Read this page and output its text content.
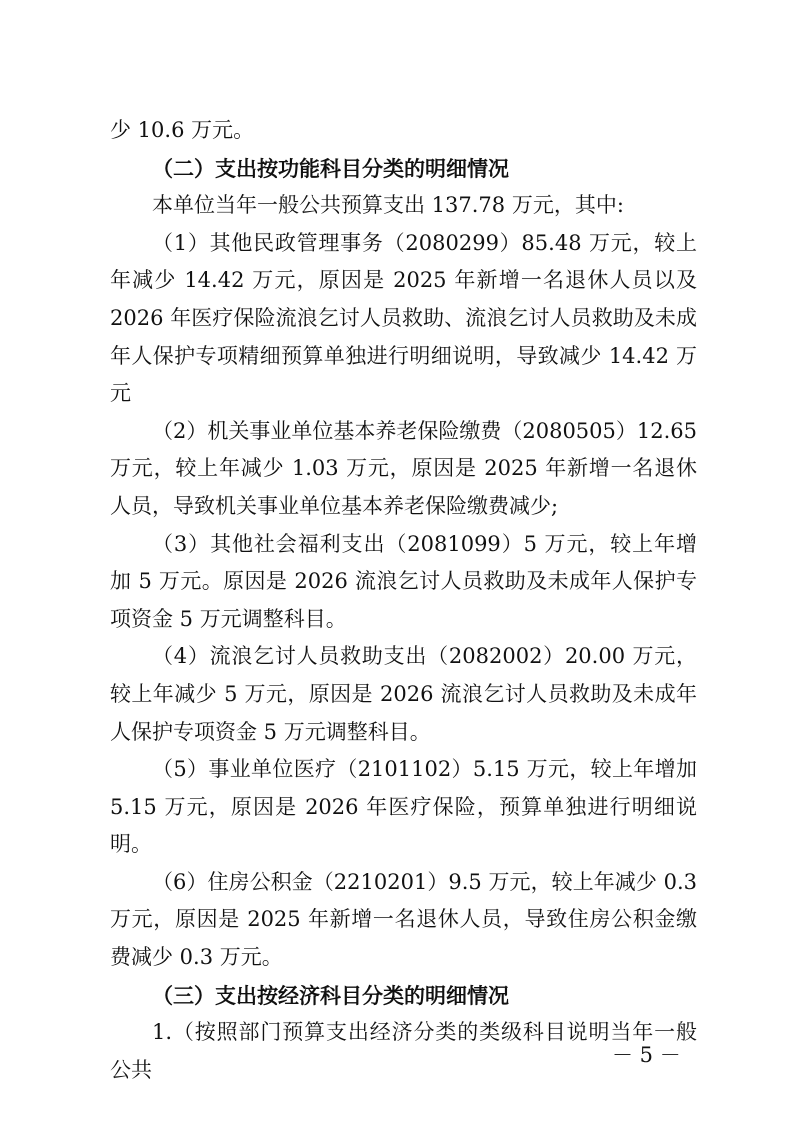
少 10.6 万元。

（二）支出按功能科目分类的明细情况

本单位当年一般公共预算支出 137.78 万元，其中:

（1）其他民政管理事务（2080299）85.48 万元，较上年减少 14.42 万元，原因是 2025 年新增一名退休人员以及 2026 年医疗保险流浪乞讨人员救助、流浪乞讨人员救助及未成年人保护专项精细预算单独进行明细说明，导致减少 14.42 万元

（2）机关事业单位基本养老保险缴费（2080505）12.65 万元，较上年减少 1.03 万元，原因是 2025 年新增一名退休人员，导致机关事业单位基本养老保险缴费减少;

（3）其他社会福利支出（2081099）5 万元，较上年增加 5 万元。原因是 2026 流浪乞讨人员救助及未成年人保护专项资金 5 万元调整科目。

（4）流浪乞讨人员救助支出（2082002）20.00 万元，较上年减少 5 万元，原因是 2026 流浪乞讨人员救助及未成年人保护专项资金 5 万元调整科目。

（5）事业单位医疗（2101102）5.15 万元，较上年增加 5.15 万元，原因是 2026 年医疗保险，预算单独进行明细说明。

（6）住房公积金（2210201）9.5 万元，较上年减少 0.3 万元，原因是 2025 年新增一名退休人员，导致住房公积金缴费减少 0.3 万元。

（三）支出按经济科目分类的明细情况

1.（按照部门预算支出经济分类的类级科目说明当年一般公共

－ 5 －
